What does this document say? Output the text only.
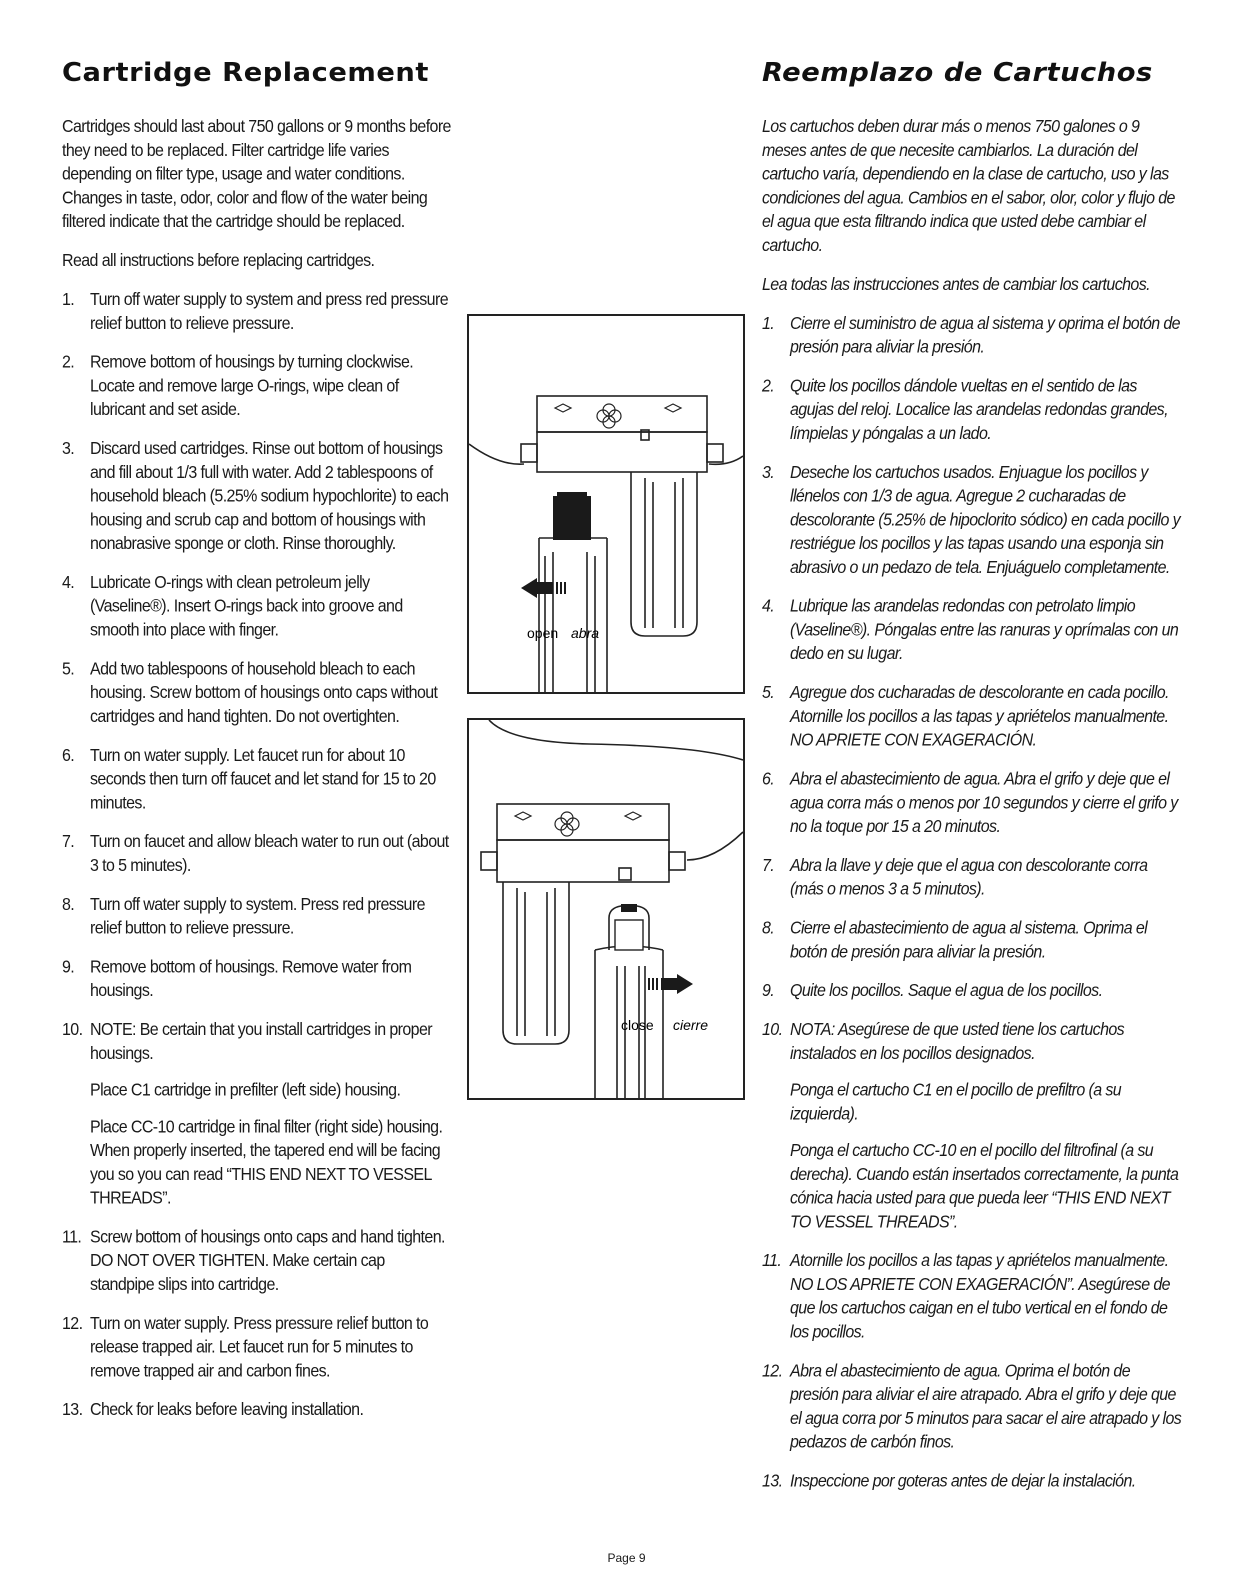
Cartridge Replacement

Cartridges should last about 750 gallons or 9 months before they need to be replaced. Filter cartridge life varies depending on filter type, usage and water conditions. Changes in taste, odor, color and flow of the water being filtered indicate that the cartridge should be replaced.

Read all instructions before replacing cartridges.

1. Turn off water supply to system and press red pressure relief button to relieve pressure.

2. Remove bottom of housings by turning clockwise. Locate and remove large O-rings, wipe clean of lubricant and set aside.

3. Discard used cartridges. Rinse out bottom of housings and fill about 1/3 full with water. Add 2 tablespoons of household bleach (5.25% sodium hypochlorite) to each housing and scrub cap and bottom of housings with nonabrasive sponge or cloth. Rinse thoroughly.

4. Lubricate O-rings with clean petroleum jelly (Vaseline®). Insert O-rings back into groove and smooth into place with finger.

5. Add two tablespoons of household bleach to each housing. Screw bottom of housings onto caps without cartridges and hand tighten. Do not overtighten.

6. Turn on water supply. Let faucet run for about 10 seconds then turn off faucet and let stand for 15 to 20 minutes.

7. Turn on faucet and allow bleach water to run out (about 3 to 5 minutes).

8. Turn off water supply to system. Press red pressure relief button to relieve pressure.

9. Remove bottom of housings. Remove water from housings.

10. NOTE: Be certain that you install cartridges in proper housings.

Place C1 cartridge in prefilter (left side) housing.

Place CC-10 cartridge in final filter (right side) housing. When properly inserted, the tapered end will be facing you so you can read “THIS END NEXT TO VESSEL THREADS”.

11. Screw bottom of housings onto caps and hand tighten. DO NOT OVER TIGHTEN. Make certain cap standpipe slips into cartridge.

12. Turn on water supply. Press pressure relief button to release trapped air. Let faucet run for 5 minutes to remove trapped air and carbon fines.

13. Check for leaks before leaving installation.

Reemplazo de Cartuchos

Los cartuchos deben durar más o menos 750 galones o 9 meses antes de que necesite cambiarlos. La duración del cartucho varía, dependiendo en la clase de cartucho, uso y las condiciones del agua. Cambios en el sabor, olor, color y flujo de el agua que esta filtrando indica que usted debe cambiar el cartucho.

Lea todas las instrucciones antes de cambiar los cartuchos.

1. Cierre el suministro de agua al sistema y oprima el botón de presión para aliviar la presión.

2. Quite los pocillos dándole vueltas en el sentido de las agujas del reloj. Localice las arandelas redondas grandes, límpielas y póngalas a un lado.

3. Deseche los cartuchos usados. Enjuague los pocillos y llénelos con 1/3 de agua. Agregue 2 cucharadas de descolorante (5.25% de hipoclorito sódico) en cada pocillo y restriégue los pocillos y las tapas usando una esponja sin abrasivo o un pedazo de tela. Enjuáguelo completamente.

4. Lubrique las arandelas redondas con petrolato limpio (Vaseline®). Póngalas entre las ranuras y oprímalas con un dedo en su lugar.

5. Agregue dos cucharadas de descolorante en cada pocillo. Atornille los pocillos a las tapas y apriételos manualmente. NO APRIETE CON EXAGERACIÓN.

6. Abra el abastecimiento de agua. Abra el grifo y deje que el agua corra más o menos por 10 segundos y cierre el grifo y no la toque por 15 a 20 minutos.

7. Abra la llave y deje que el agua con descolorante corra (más o menos 3 a 5 minutos).

8. Cierre el abastecimiento de agua al sistema. Oprima el botón de presión para aliviar la presión.

9. Quite los pocillos. Saque el agua de los pocillos.

10. NOTA: Asegúrese de que usted tiene los cartuchos instalados en los pocillos designados.

Ponga el cartucho C1 en el pocillo de prefiltro (a su izquierda).

Ponga el cartucho CC-10 en el pocillo del filtrofinal (a su derecha). Cuando están insertados correctamente, la punta cónica hacia usted para que pueda leer “THIS END NEXT TO VESSEL THREADS”.

11. Atornille los pocillos a las tapas y apriételos manualmente. NO LOS APRIETE CON EXAGERACIÓN”. Asegúrese de que los cartuchos caigan en el tubo vertical en el fondo de los pocillos.

12. Abra el abastecimiento de agua. Oprima el botón de presión para aliviar el aire atrapado. Abra el grifo y deje que el agua corra por 5 minutos para sacar el aire atrapado y los pedazos de carbón finos.

13. Inspeccione por goteras antes de dejar la instalación.

open abra
close cierre
Page 9
